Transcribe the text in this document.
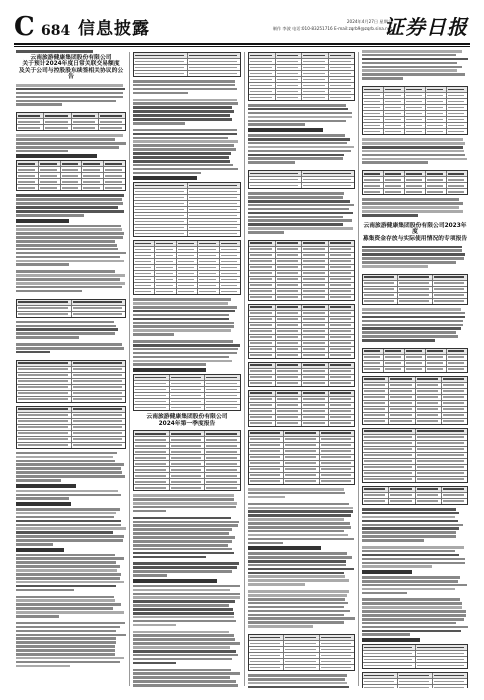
C 684 信息披露	2024年4月27日 星期六
制作 李波 电话:010-83251716 E-mail:zqrb9@zqrb.sina.net
证券日报
云南旅游健康集团股份有限公司
关于预计2024年度日常关联交易额度
及关于公司与控股股东续签相关协议的公告
云南旅游健康集团股份有限公司
2024年第一季度报告
云南旅游健康集团股份有限公司2023年度
募集资金存放与实际使用情况的专项报告
